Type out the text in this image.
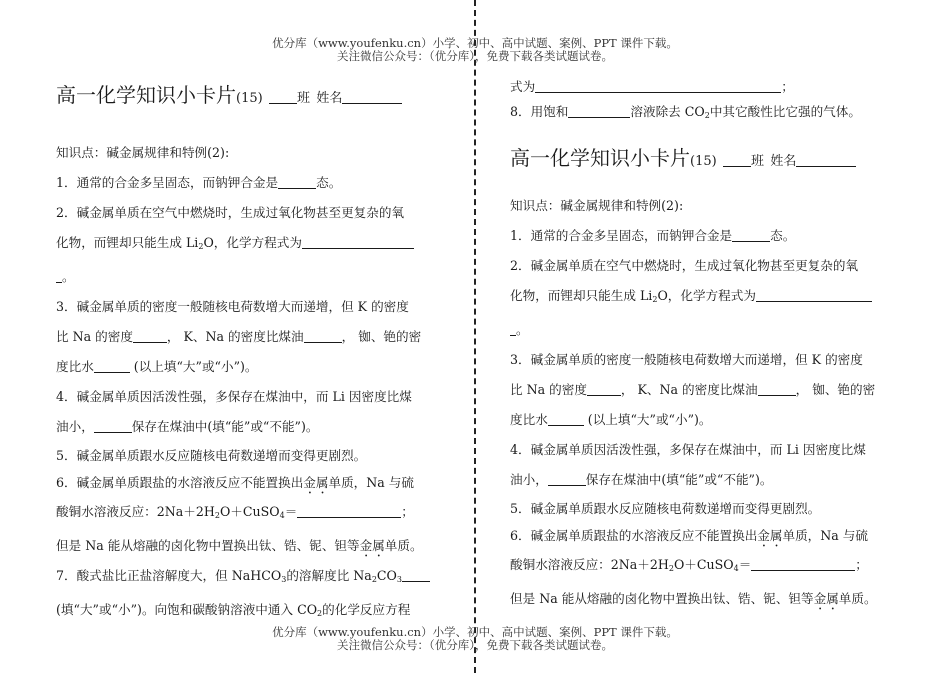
优分库（www.youfenku.cn）小学、初中、高中试题、案例、PPT 课件下载。
关注微信公众号：（优分库），免费下载各类试题试卷。

高一化学知识小卡片(15)	班 姓名

知识点：碱金属规律和特例(2):

1．通常的合金多呈固态，而钠钾合金是	态。

2．碱金属单质在空气中燃烧时，生成过氧化物甚至更复杂的氧

化物，而锂却只能生成 $Li_2O$，化学方程式为

。

3．碱金属单质的密度一般随核电荷数增大而递增，但 K 的密度

比 Na 的密度	， K、Na 的密度比煤油	， 铷、铯的密

度比水	(以上填“大”或“小”)。

4．碱金属单质因活泼性强，多保存在煤油中，而 Li 因密度比煤

油小，	保存在煤油中(填“能”或“不能”)。

5．碱金属单质跟水反应随核电荷数递增而变得更剧烈。

6．碱金属单质跟盐的水溶液反应不能置换出金属单质，Na 与硫

酸铜水溶液反应：$2Na+2H_2O+CuSO_4=$	；

但是 Na 能从熔融的卤化物中置换出钛、锆、铌、钽等金属单质。

7．酸式盐比正盐溶解度大，但 NaHCO$_3$的溶解度比 $Na_2CO_3$

(填“大”或“小”)。向饱和碳酸钠溶液中通入 $CO_2$的化学反应方程

式为	；

8．用饱和	溶液除去 $CO_2$中其它酸性比它强的气体。

高一化学知识小卡片(15)	班 姓名

知识点：碱金属规律和特例(2):

1．通常的合金多呈固态，而钠钾合金是	态。

2．碱金属单质在空气中燃烧时，生成过氧化物甚至更复杂的氧

化物，而锂却只能生成 $Li_2O$，化学方程式为

。

3．碱金属单质的密度一般随核电荷数增大而递增，但 K 的密度

比 Na 的密度	， K、Na 的密度比煤油	， 铷、铯的密

度比水	(以上填“大”或“小”)。

4．碱金属单质因活泼性强，多保存在煤油中，而 Li 因密度比煤

油小，	保存在煤油中(填“能”或“不能”)。

5．碱金属单质跟水反应随核电荷数递增而变得更剧烈。

6．碱金属单质跟盐的水溶液反应不能置换出金属单质，Na 与硫

酸铜水溶液反应：$2Na+2H_2O+CuSO_4=$	；

但是 Na 能从熔融的卤化物中置换出钛、锆、铌、钽等金属单质。

优分库（www.youfenku.cn）小学、初中、高中试题、案例、PPT 课件下载。
关注微信公众号：（优分库），免费下载各类试题试卷。
